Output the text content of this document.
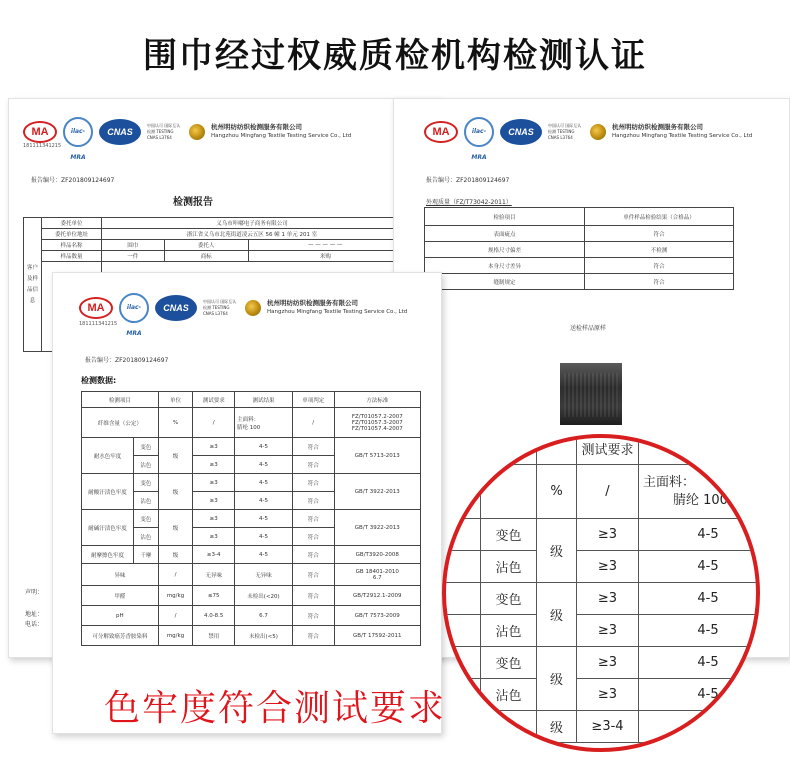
围巾经过权威质检机构检测认证
MA	ilac-MRA
CNAS
中国认可 国际互认 检测 TESTING CNAS L3764
杭州明纺纺织检测服务有限公司
Hangzhou Mingfang Textile Testing Service Co., Ltd
181111341215
报告编号：ZF201809124697
检测报告
客户及样品信息	委托单位	义乌市咔嘟电子商务有限公司		
	委托单位地址	浙江省义乌市北苑街道凌云五区 56 幢 1 单元 201 室		
	样品名称	围巾	委托人	— — — — —
	样品数量	一件	商标	米购

声明：
地址：
电话：
MA	ilac-MRA
CNAS
中国认可 国际互认 检测 TESTING CNAS L3764
杭州明纺纺织检测服务有限公司
Hangzhou Mingfang Textile Testing Service Co., Ltd
报告编号：ZF201809124697
外观质量（FZ/T73042-2011）
检验项目	单件样品检验结果（合格品）
表面疵点	符合
规格尺寸偏差	不检测
本身尺寸差异	符合
缝制规定	符合
送检样品原样
MA	ilac-MRA
CNAS
中国认可 国际互认 检测 TESTING CNAS L3764
杭州明纺纺织检测服务有限公司
Hangzhou Mingfang Textile Testing Service Co., Ltd
181111341215
报告编号：ZF201809124697
检测数据:
检测项目		单位	测试要求	测试结果	单项判定	方法标准
纤维含量（公定）		%	/	主面料：
腈纶 100	/	FZ/T01057.2-2007
FZ/T01057.3-2007
FZ/T01057.4-2007
耐水色牢度	变色	级	≥3	4-5	符合	GB/T 5713-2013
	沾色		≥3	4-5	符合	
耐酸汗渍色牢度	变色	级	≥3	4-5	符合	GB/T 3922-2013
	沾色		≥3	4-5	符合	
耐碱汗渍色牢度	变色	级	≥3	4-5	符合	GB/T 3922-2013
	沾色		≥3	4-5	符合	
耐摩擦色牢度	干摩	级	≥3-4	4-5	符合	GB/T3920-2008
异味		/	无异味	无异味	符合	GB 18401-2010
6.7
甲醛		mg/kg	≤75	未检出(<20)	符合	GB/T2912.1-2009
pH		/	4.0-8.5	6.7	符合	GB/T 7573-2009
可分解致癌芳香胺染料		mg/kg	禁用	未检出(<5)	符合	GB/T 17592-2011
色牢度符合测试要求
			测试要求	
		%	/	主面料：
腈纶 100

	变色	级	≥3	4-5
	沾色		≥3	4-5
	变色	级	≥3	4-5
	沾色		≥3	4-5
	变色	级	≥3	4-5
	沾色		≥3	4-5
	摩	级	≥3-4	4-5
